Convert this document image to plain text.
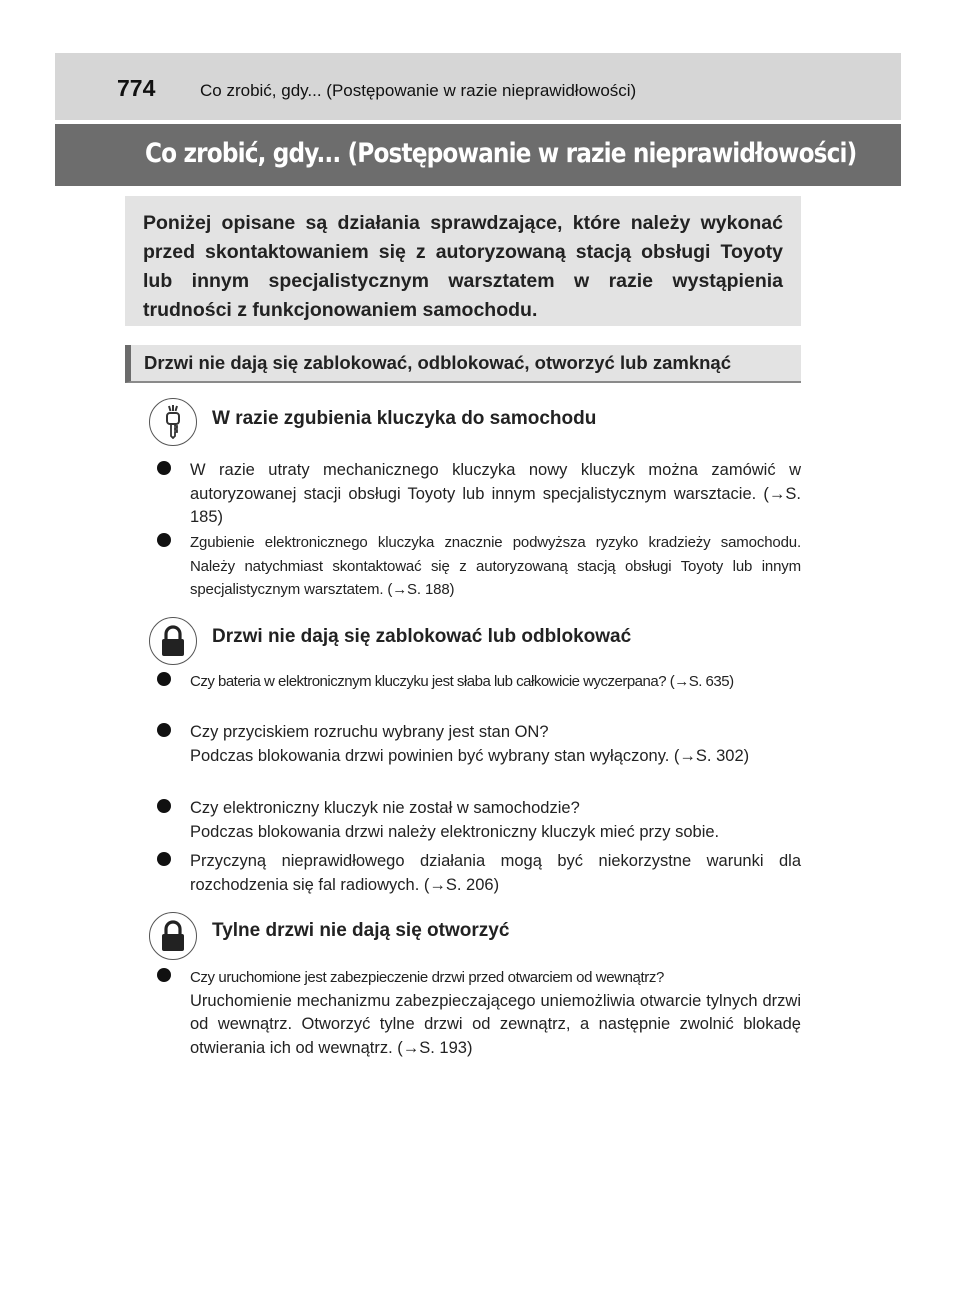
774	Co zrobić, gdy... (Postępowanie w razie nieprawidłowości)
Co zrobić, gdy... (Postępowanie w razie nieprawidłowości)

Poniżej opisane są działania sprawdzające, które należy wykonać przed skontaktowaniem się z autoryzowaną stacją obsługi Toyoty lub innym specjalistycznym warsztatem w razie wystąpienia trudności z funkcjonowaniem samochodu.

Drzwi nie dają się zablokować, odblokować, otworzyć lub zamknąć
W razie zgubienia kluczyka do samochodu

W razie utraty mechanicznego kluczyka nowy kluczyk można zamówić w autoryzowanej stacji obsługi Toyoty lub innym specjalistycznym warsztacie. (→S. 185)

Zgubienie elektronicznego kluczyka znacznie podwyższa ryzyko kradzieży samochodu. Należy natychmiast skontaktować się z autoryzowaną stacją obsługi Toyoty lub innym specjalistycznym warsztatem. (→S. 188)

Drzwi nie dają się zablokować lub odblokować

Czy bateria w elektronicznym kluczyku jest słaba lub całkowicie wyczerpana? (→S. 635)

Czy przyciskiem rozruchu wybrany jest stan ON?
Podczas blokowania drzwi powinien być wybrany stan wyłączony. (→S. 302)

Czy elektroniczny kluczyk nie został w samochodzie?
Podczas blokowania drzwi należy elektroniczny kluczyk mieć przy sobie.

Przyczyną nieprawidłowego działania mogą być niekorzystne warunki dla rozchodzenia się fal radiowych. (→S. 206)

Tylne drzwi nie dają się otworzyć

Czy uruchomione jest zabezpieczenie drzwi przed otwarciem od wewnątrz?
Uruchomienie mechanizmu zabezpieczającego uniemożliwia otwarcie tylnych drzwi od wewnątrz. Otworzyć tylne drzwi od zewnątrz, a następnie zwolnić blokadę otwierania ich od wewnątrz. (→S. 193)
